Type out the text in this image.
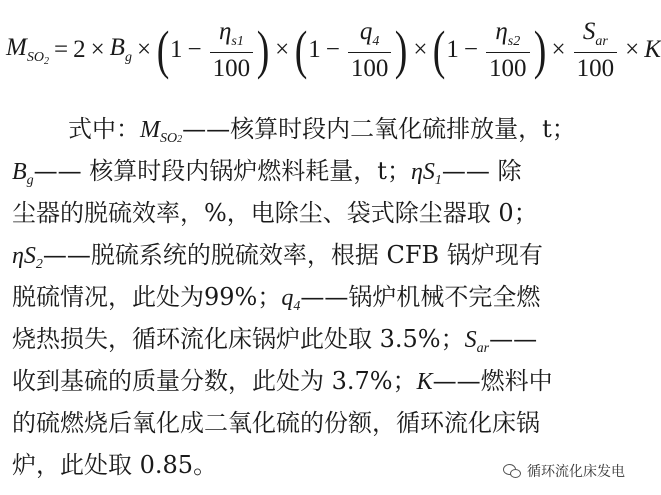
$M_{SO_2} = 2 \times B_g$ × ( $1 - \frac{\eta_{s1}}{100}$ ) × ( $1 - \frac{q_4}{100}$ ) × ( $1 - \frac{\eta_{s2}}{100}$ ) × $\frac{S_{ar}}{100} \times K$
式中：$M_{SO2}——$核算时段内二氧化硫排放量，t；
$B_g——$ 核算时段内锅炉燃料耗量，t；$\eta S_1——$ 除
尘器的脱硫效率，%，电除尘、袋式除尘器取 0；
$\eta S_2——$脱硫系统的脱硫效率，根据 CFB 锅炉现有
脱硫情况，此处为99%；$q_4——$锅炉机械不完全燃
烧热损失，循环流化床锅炉此处取 3.5%；$S_{ar}——$
收到基硫的质量分数，此处为 3.7%；K——燃料中
的硫燃烧后氧化成二氧化硫的份额，循环流化床锅
炉，此处取 0.85。	循环流化床发电
